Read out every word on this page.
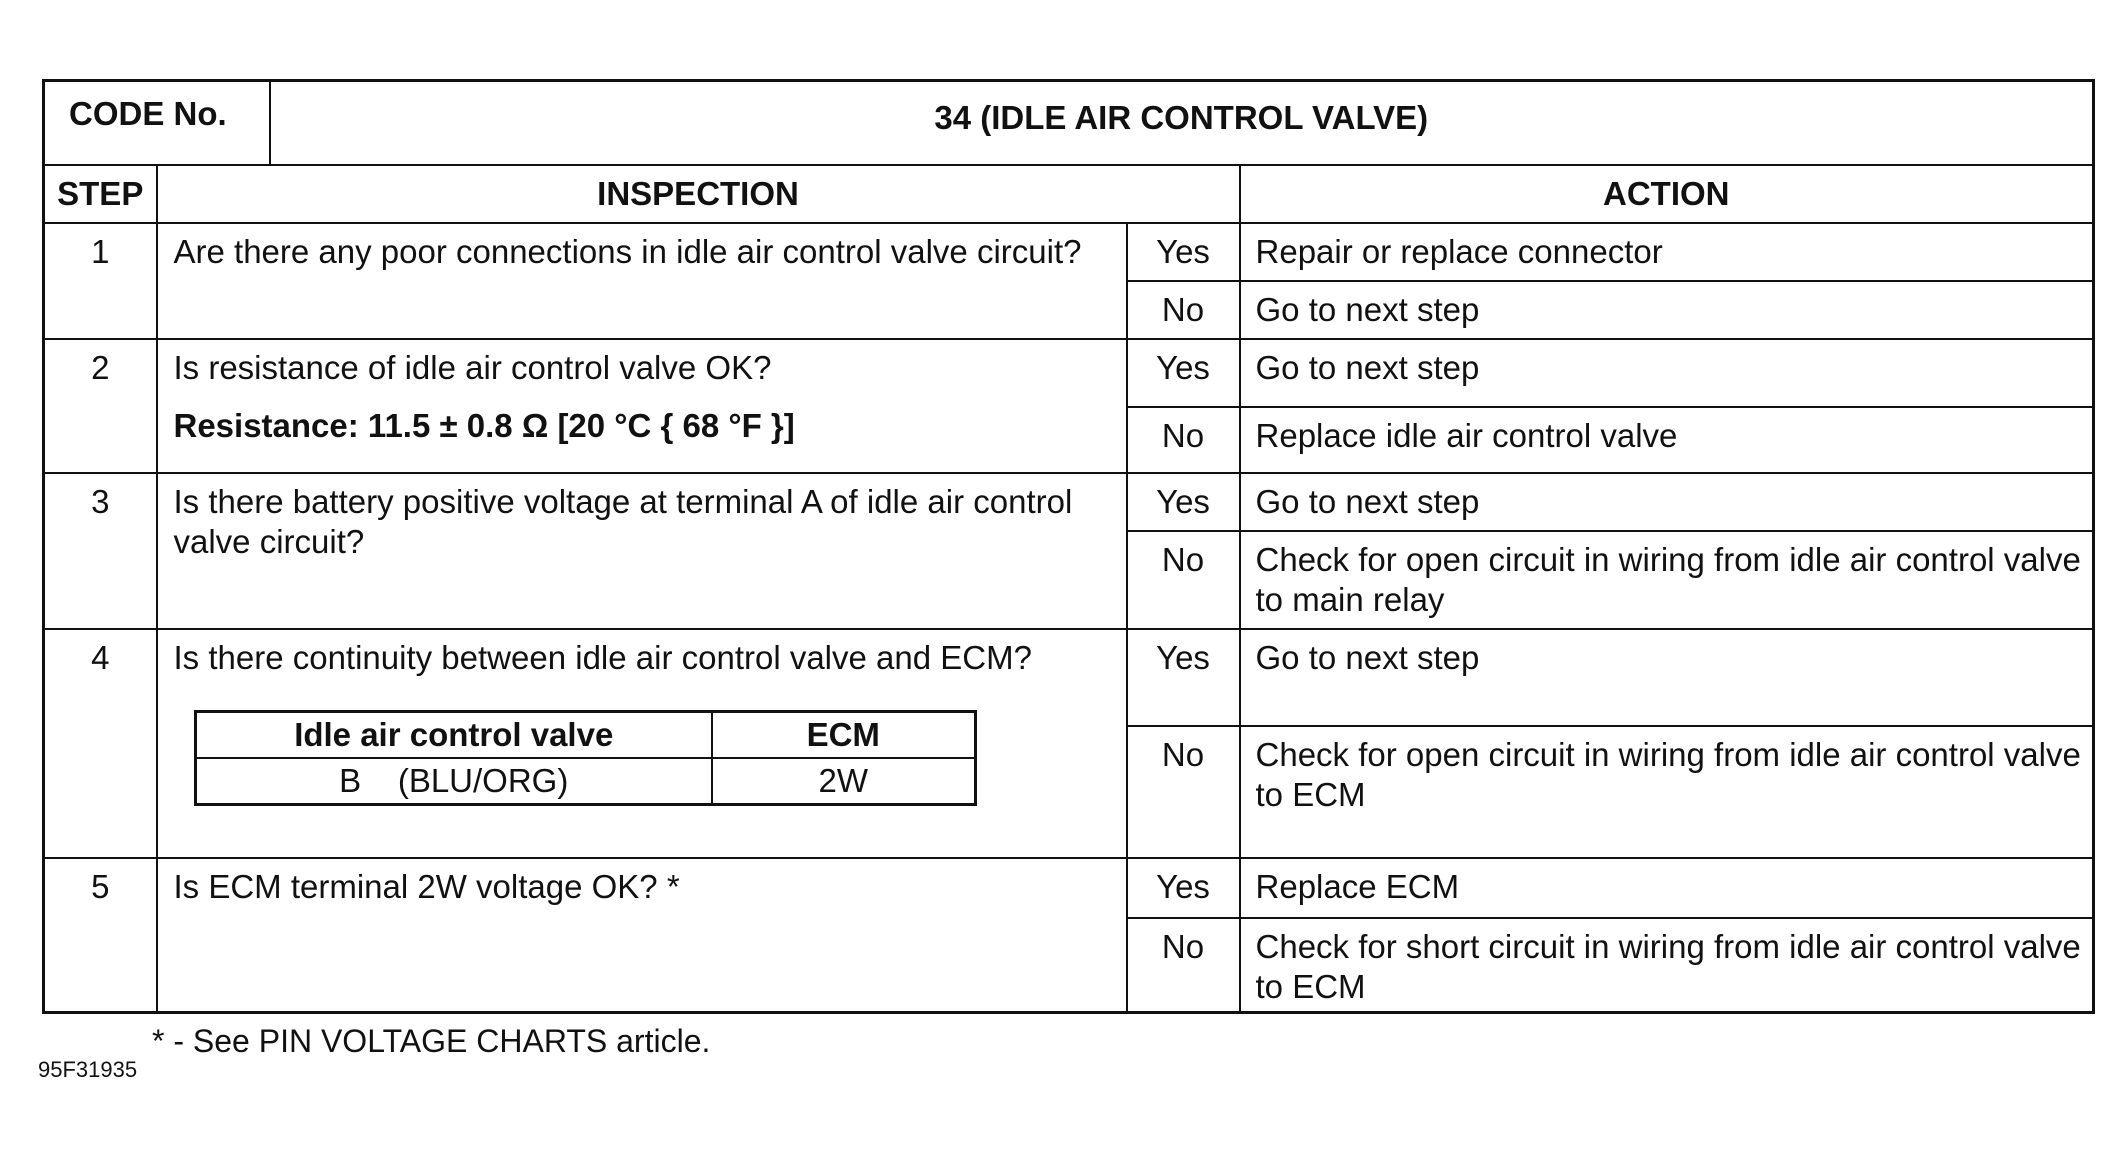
CODE No.	34 (IDLE AIR CONTROL VALVE)
STEP	INSPECTION	ACTION
1	Are there any poor connections in idle air control valve circuit?	Yes	Repair or replace connector
No	Go to next step
2	Is resistance of idle air control valve OK?
Resistance: 11.5 ± 0.8 Ω [20 °C { 68 °F }]
	Yes	Go to next step
No	Replace idle air control valve
3	Is there battery positive voltage at terminal A of idle air control valve circuit?	Yes	Go to next step
No	Check for open circuit in wiring from idle air control valve to main relay
4	Is there continuity between idle air control valve and ECM?
Idle air control valve	ECM
B    (BLU/ORG)	2W
	Yes	Go to next step
No	Check for open circuit in wiring from idle air control valve to ECM
5	Is ECM terminal 2W voltage OK? *	Yes	Replace ECM
No	Check for short circuit in wiring from idle air control valve to ECM
* - See PIN VOLTAGE CHARTS article.
95F31935
